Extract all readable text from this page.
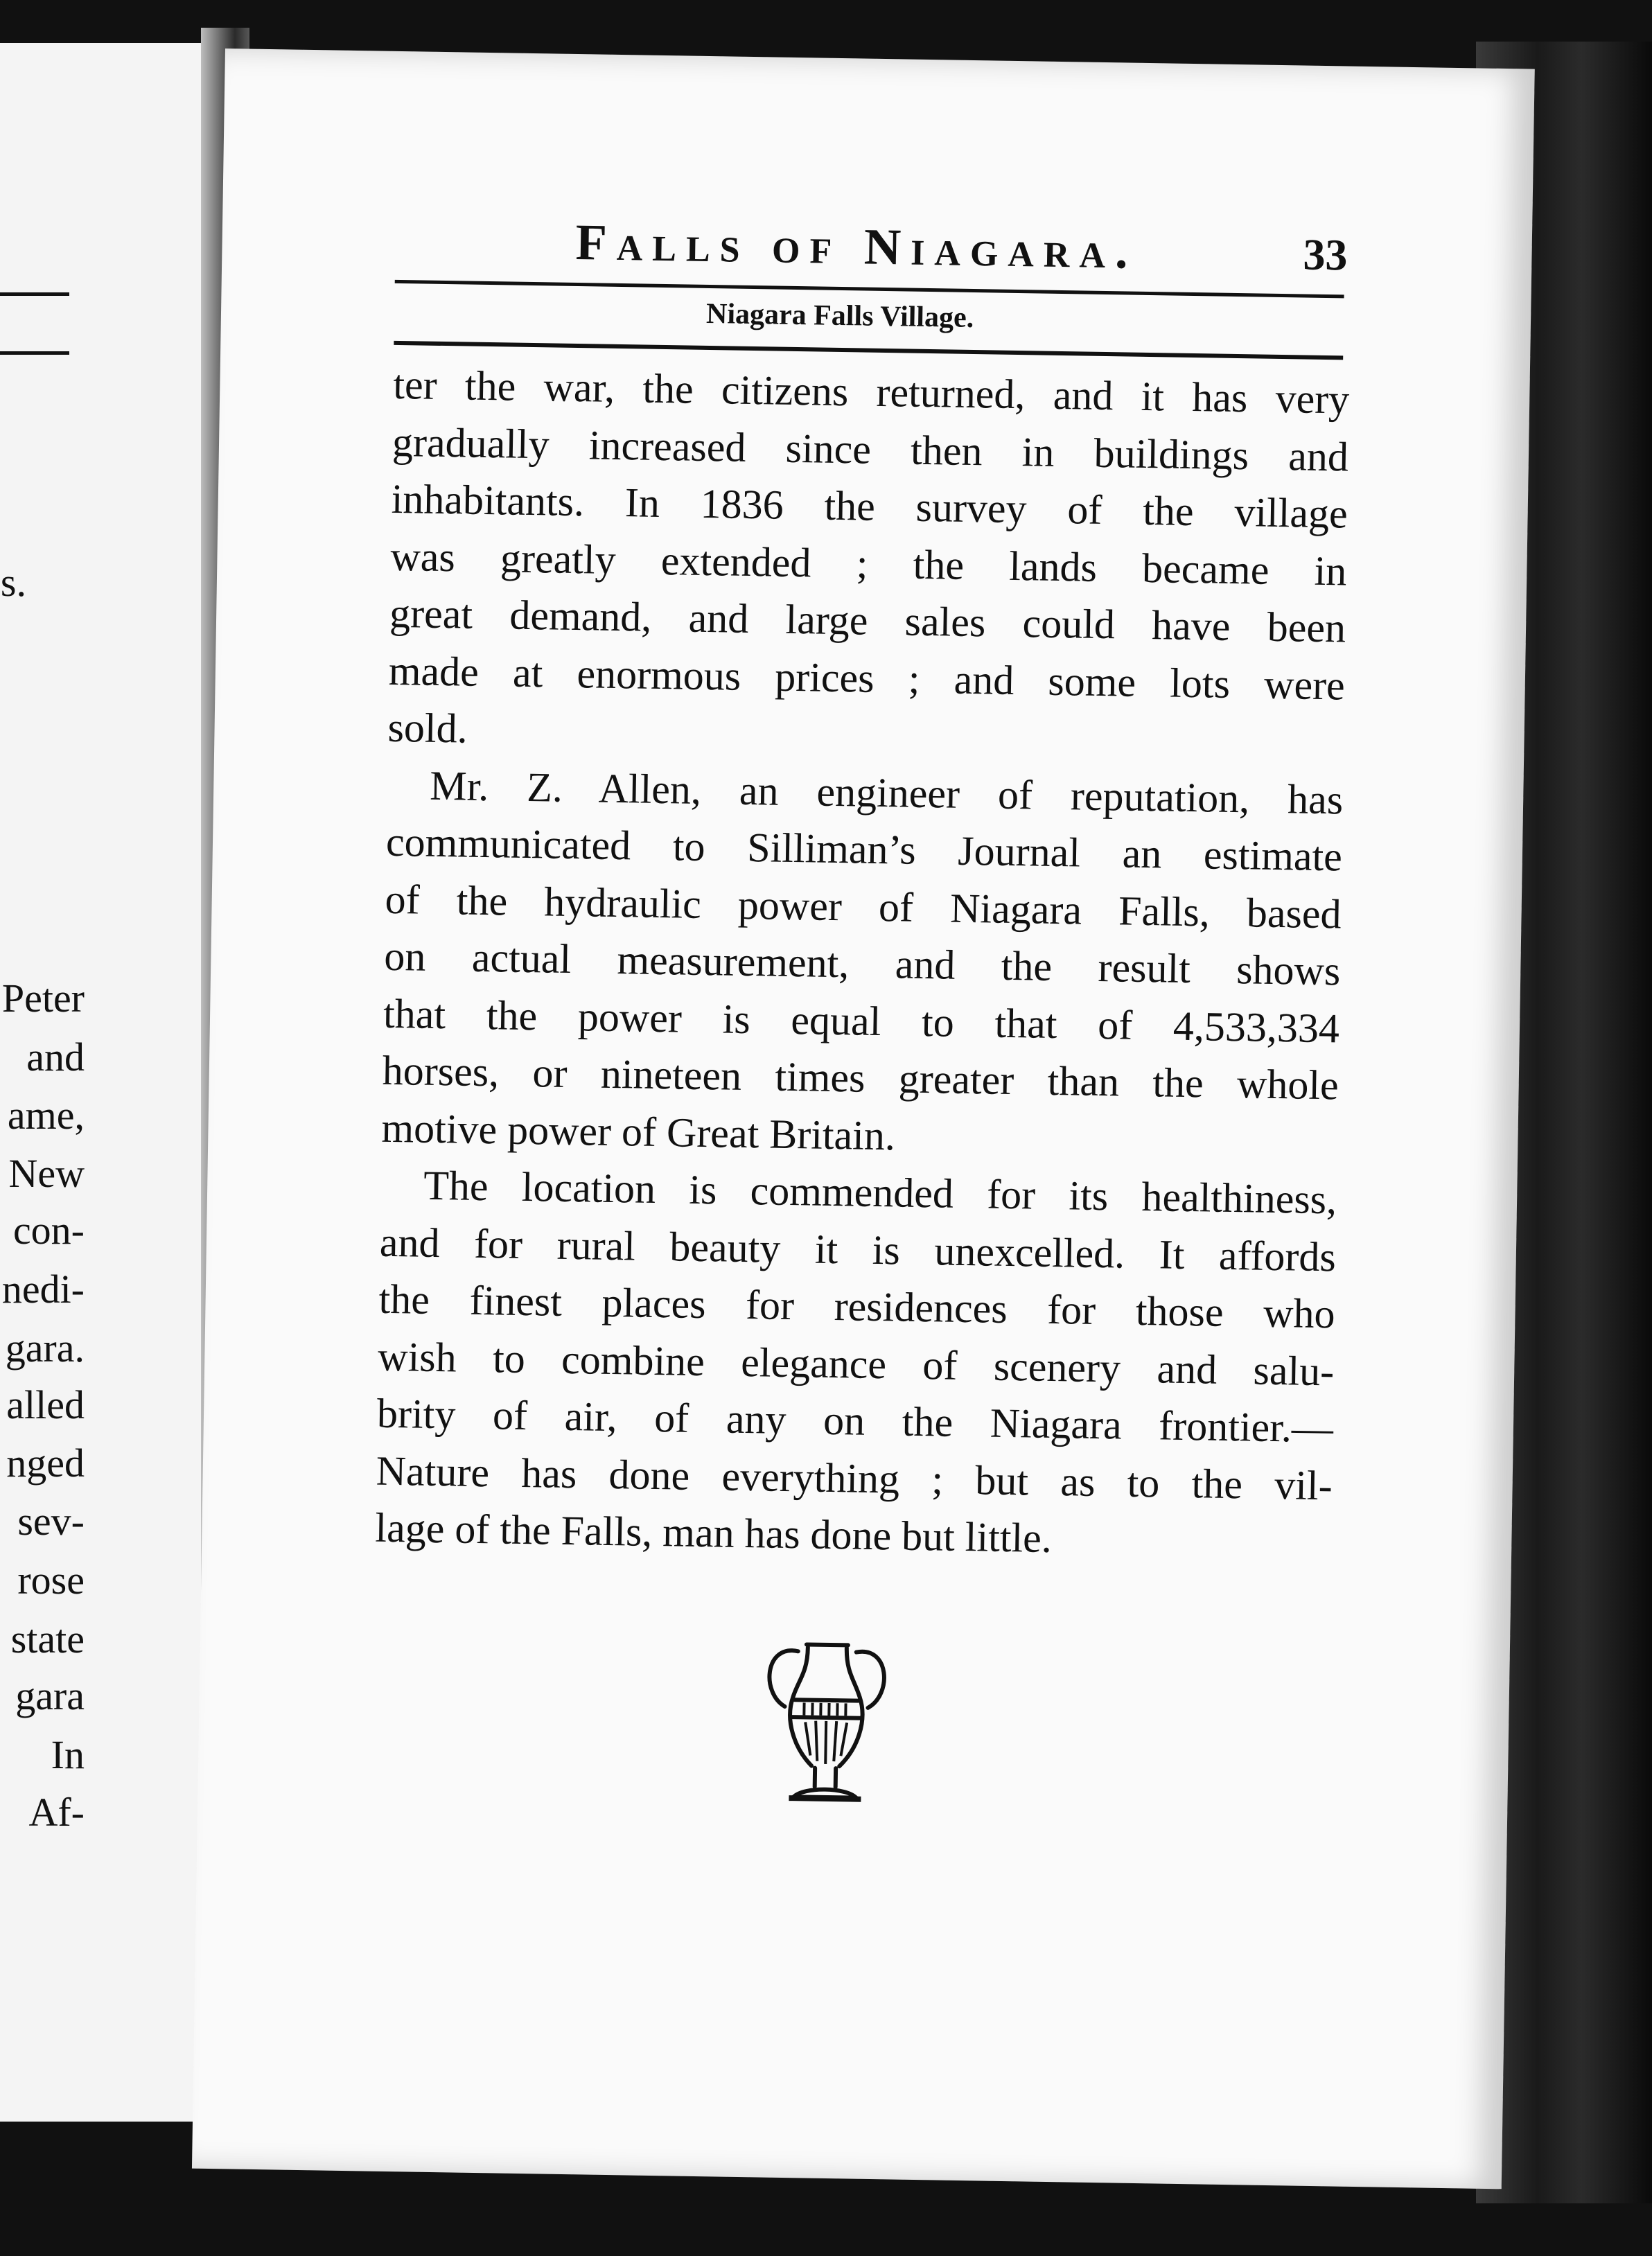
s.
Peter
and
ame,
New
con-
nedi-
gara.
alled
nged
sev-
rose
state
gara
In
Af-
Falls of Niagara.	33
Niagara Falls Village.
ter the war, the citizens returned, and it has very
gradually increased since then in buildings and
inhabitants. In 1836 the survey of the village
was greatly extended ; the lands became in
great demand, and large sales could have been
made at enormous prices ; and some lots were
sold.
Mr. Z. Allen, an engineer of reputation, has
communicated to Silliman’s Journal an estimate
of the hydraulic power of Niagara Falls, based
on actual measurement, and the result shows
that the power is equal to that of 4,533,334
horses, or nineteen times greater than the whole
motive power of Great Britain.
The location is commended for its healthiness,
and for rural beauty it is unexcelled. It affords
the finest places for residences for those who
wish to combine elegance of scenery and salu-
brity of air, of any on the Niagara frontier.—
Nature has done everything ; but as to the vil-
lage of the Falls, man has done but little.
